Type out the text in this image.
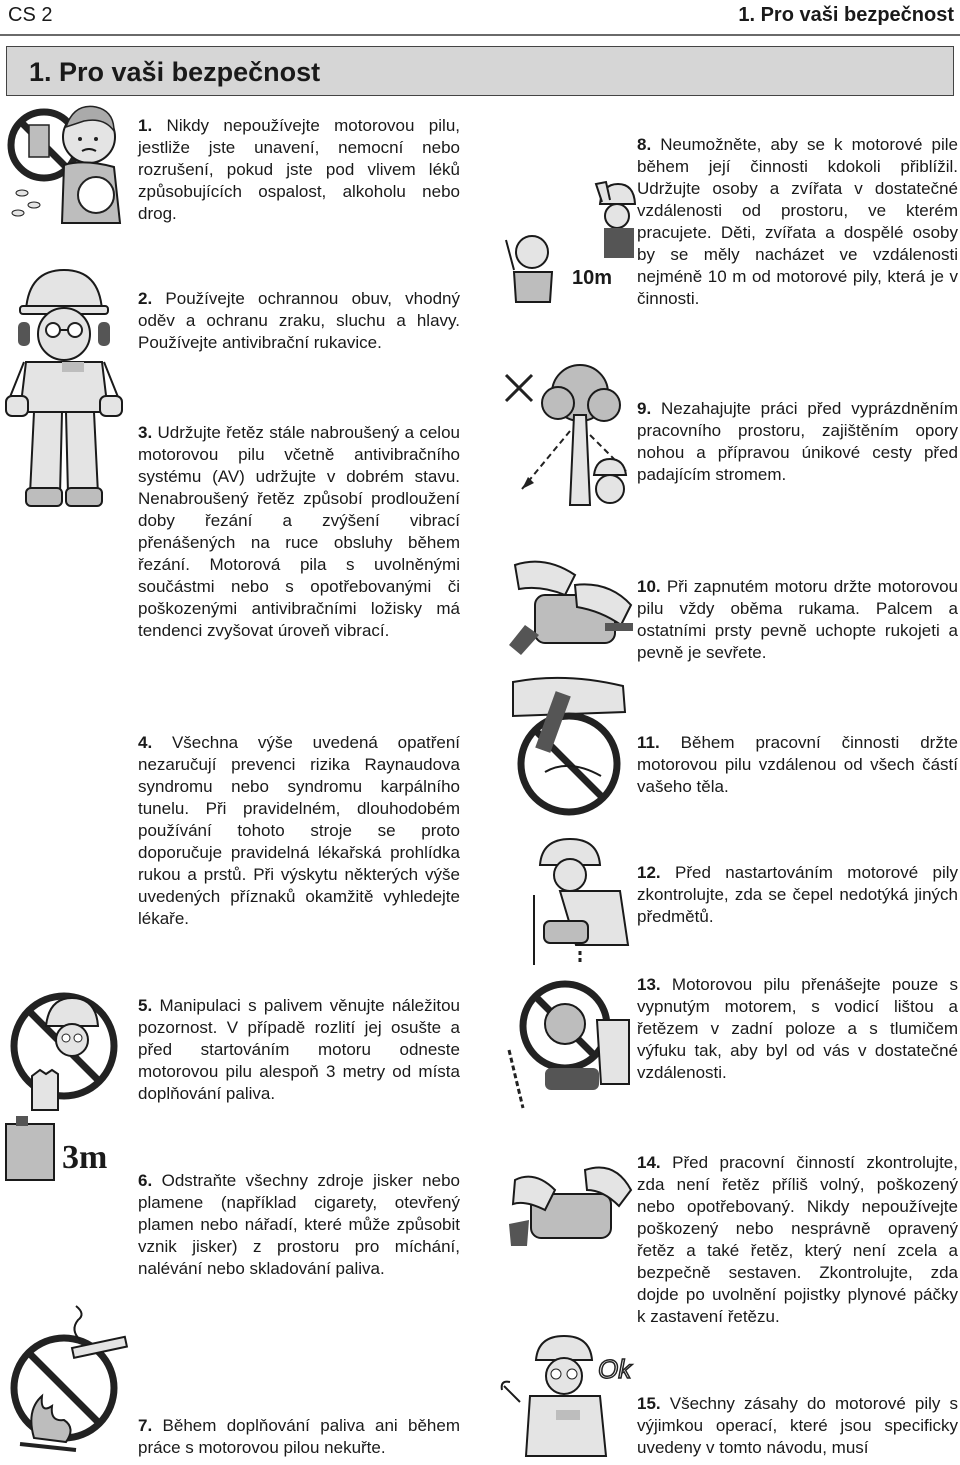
CS 2	1. Pro vaši bezpečnost
1. Pro vaši bezpečnost
1. Nikdy nepoužívejte motorovou pilu, jestliže jste unavení, nemocní nebo rozrušení, pokud jste pod vlivem léků způsobujících ospalost, alkoholu nebo drog.
2. Používejte ochrannou obuv, vhodný oděv a ochranu zraku, sluchu a hlavy. Používejte antivibrační rukavice.
3. Udržujte řetěz stále nabroušený a celou motorovou pilu včetně antivibračního systému (AV) udržujte v dobrém stavu. Nenabroušený řetěz způsobí prodloužení doby řezání a zvýšení vibrací přenášených na ruce obsluhy během řezání. Motorová pila s uvolněnými součástmi nebo s opotřebovanými či poškozenými antivibračními ložisky má tendenci zvyšovat úroveň vibrací.
4. Všechna výše uvedená opatření nezaručují prevenci rizika Raynaudova syndromu nebo syndromu karpálního tunelu. Při pravidelném, dlouhodobém používání tohoto stroje se proto doporučuje pravidelná lékařská prohlídka rukou a prstů. Při výskytu některých výše uvedených příznaků okamžitě vyhledejte lékaře.
5. Manipulaci s palivem věnujte náležitou pozornost. V případě rozlití jej osušte a před startováním motoru odneste motorovou pilu alespoň 3 metry od místa doplňování paliva.
6. Odstraňte všechny zdroje jisker nebo plamene (například cigarety, otevřený plamen nebo nářadí, které může způsobit vznik jisker) z prostoru pro míchání, nalévání nebo skladování paliva.
7. Během doplňování paliva ani během práce s motorovou pilou nekuřte.
8. Neumožněte, aby se k motorové pile během její činnosti kdokoli přiblížil. Udržujte osoby a zvířata v dostatečné vzdálenosti od prostoru, ve kterém pracujete. Děti, zvířata a dospělé osoby by se měly nacházet ve vzdálenosti nejméně 10 m od motorové pily, která je v činnosti.
9. Nezahajujte práci před vyprázdněním pracovního prostoru, zajištěním opory nohou a přípravou únikové cesty před padajícím stromem.
10. Při zapnutém motoru držte motorovou pilu vždy oběma rukama. Palcem a ostatními prsty pevně uchopte rukojeti a pevně je sevřete.
11. Během pracovní činnosti držte motorovou pilu vzdálenou od všech částí vašeho těla.
12. Před nastartováním motorové pily zkontrolujte, zda se čepel nedotýká jiných předmětů.
13. Motorovou pilu přenášejte pouze s vypnutým motorem, s vodicí lištou a řetězem v zadní poloze a s tlumičem výfuku tak, aby byl od vás v dostatečné vzdálenosti.
14. Před pracovní činností zkontrolujte, zda není řetěz příliš volný, poškozený nebo opotřebovaný. Nikdy nepoužívejte poškozený nebo nesprávně opravený řetěz a také řetěz, který není zcela a bezpečně sestaven. Zkontrolujte, zda dojde po uvolnění pojistky plynové páčky k zastavení řetězu.
15. Všechny zásahy do motorové pily s výjimkou operací, které jsou specificky uvedeny v tomto návodu, musí
3m
10m
Ok
